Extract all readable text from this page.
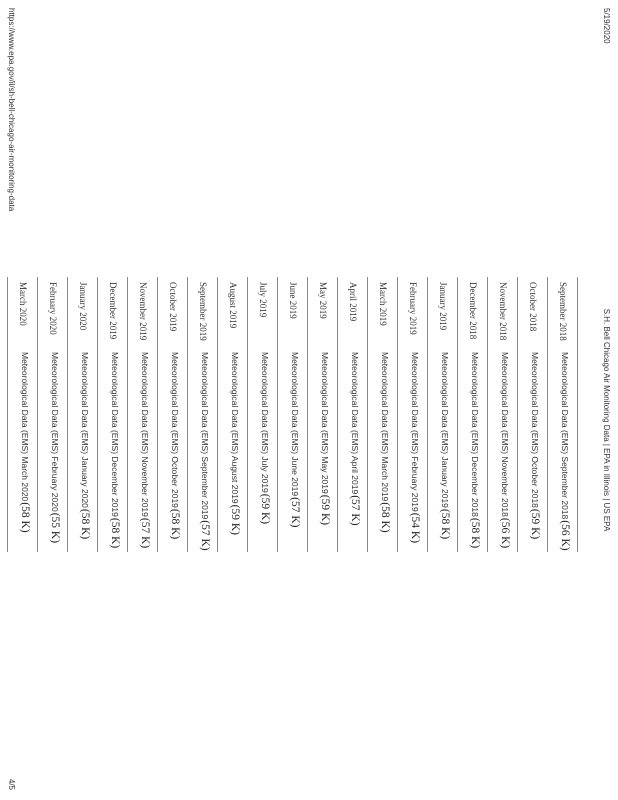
5/19/2020
S.H. Bell Chicago Air Monitoring Data | EPA in Illinois | US EPA
September 2018
Meteorological Data (EMS) September 2018(56 K)
October 2018
Meteorological Data (EMS) October 2018(59 K)
November 2018
Meteorological Data (EMS) November 2018(56 K)
December 2018
Meteorological Data (EMS) December 2018(58 K)
January 2019
Meteorological Data (EMS) January 2019(58 K)
February 2019
Meteorological Data (EMS) February 2019(54 K)
March 2019
Meteorological Data (EMS) March 2019(58 K)
April 2019
Meteorological Data (EMS) April 2019(57 K)
May 2019
Meteorological Data (EMS) May 2019(59 K)
June 2019
Meteorological Data (EMS) June 2019(57 K)
July 2019
Meteorological Data (EMS) July 2019(59 K)
August 2019
Meteorological Data (EMS) August 2019(59 K)
September 2019
Meteorological Data (EMS) September 2019(57 K)
October 2019
Meteorological Data (EMS) October 2019(58 K)
November 2019
Meteorological Data (EMS) November 2019(57 K)
December 2019
Meteorological Data (EMS) December 2019(58 K)
January 2020
Meteorological Data (EMS) January 2020(58 K)
February 2020
Meteorological Data (EMS) February 2020(55 K)
March 2020
Meteorological Data (EMS) March 2020(58 K)
https://www.epa.gov/il/sh-bell-chicago-air-monitoring-data
4/5
